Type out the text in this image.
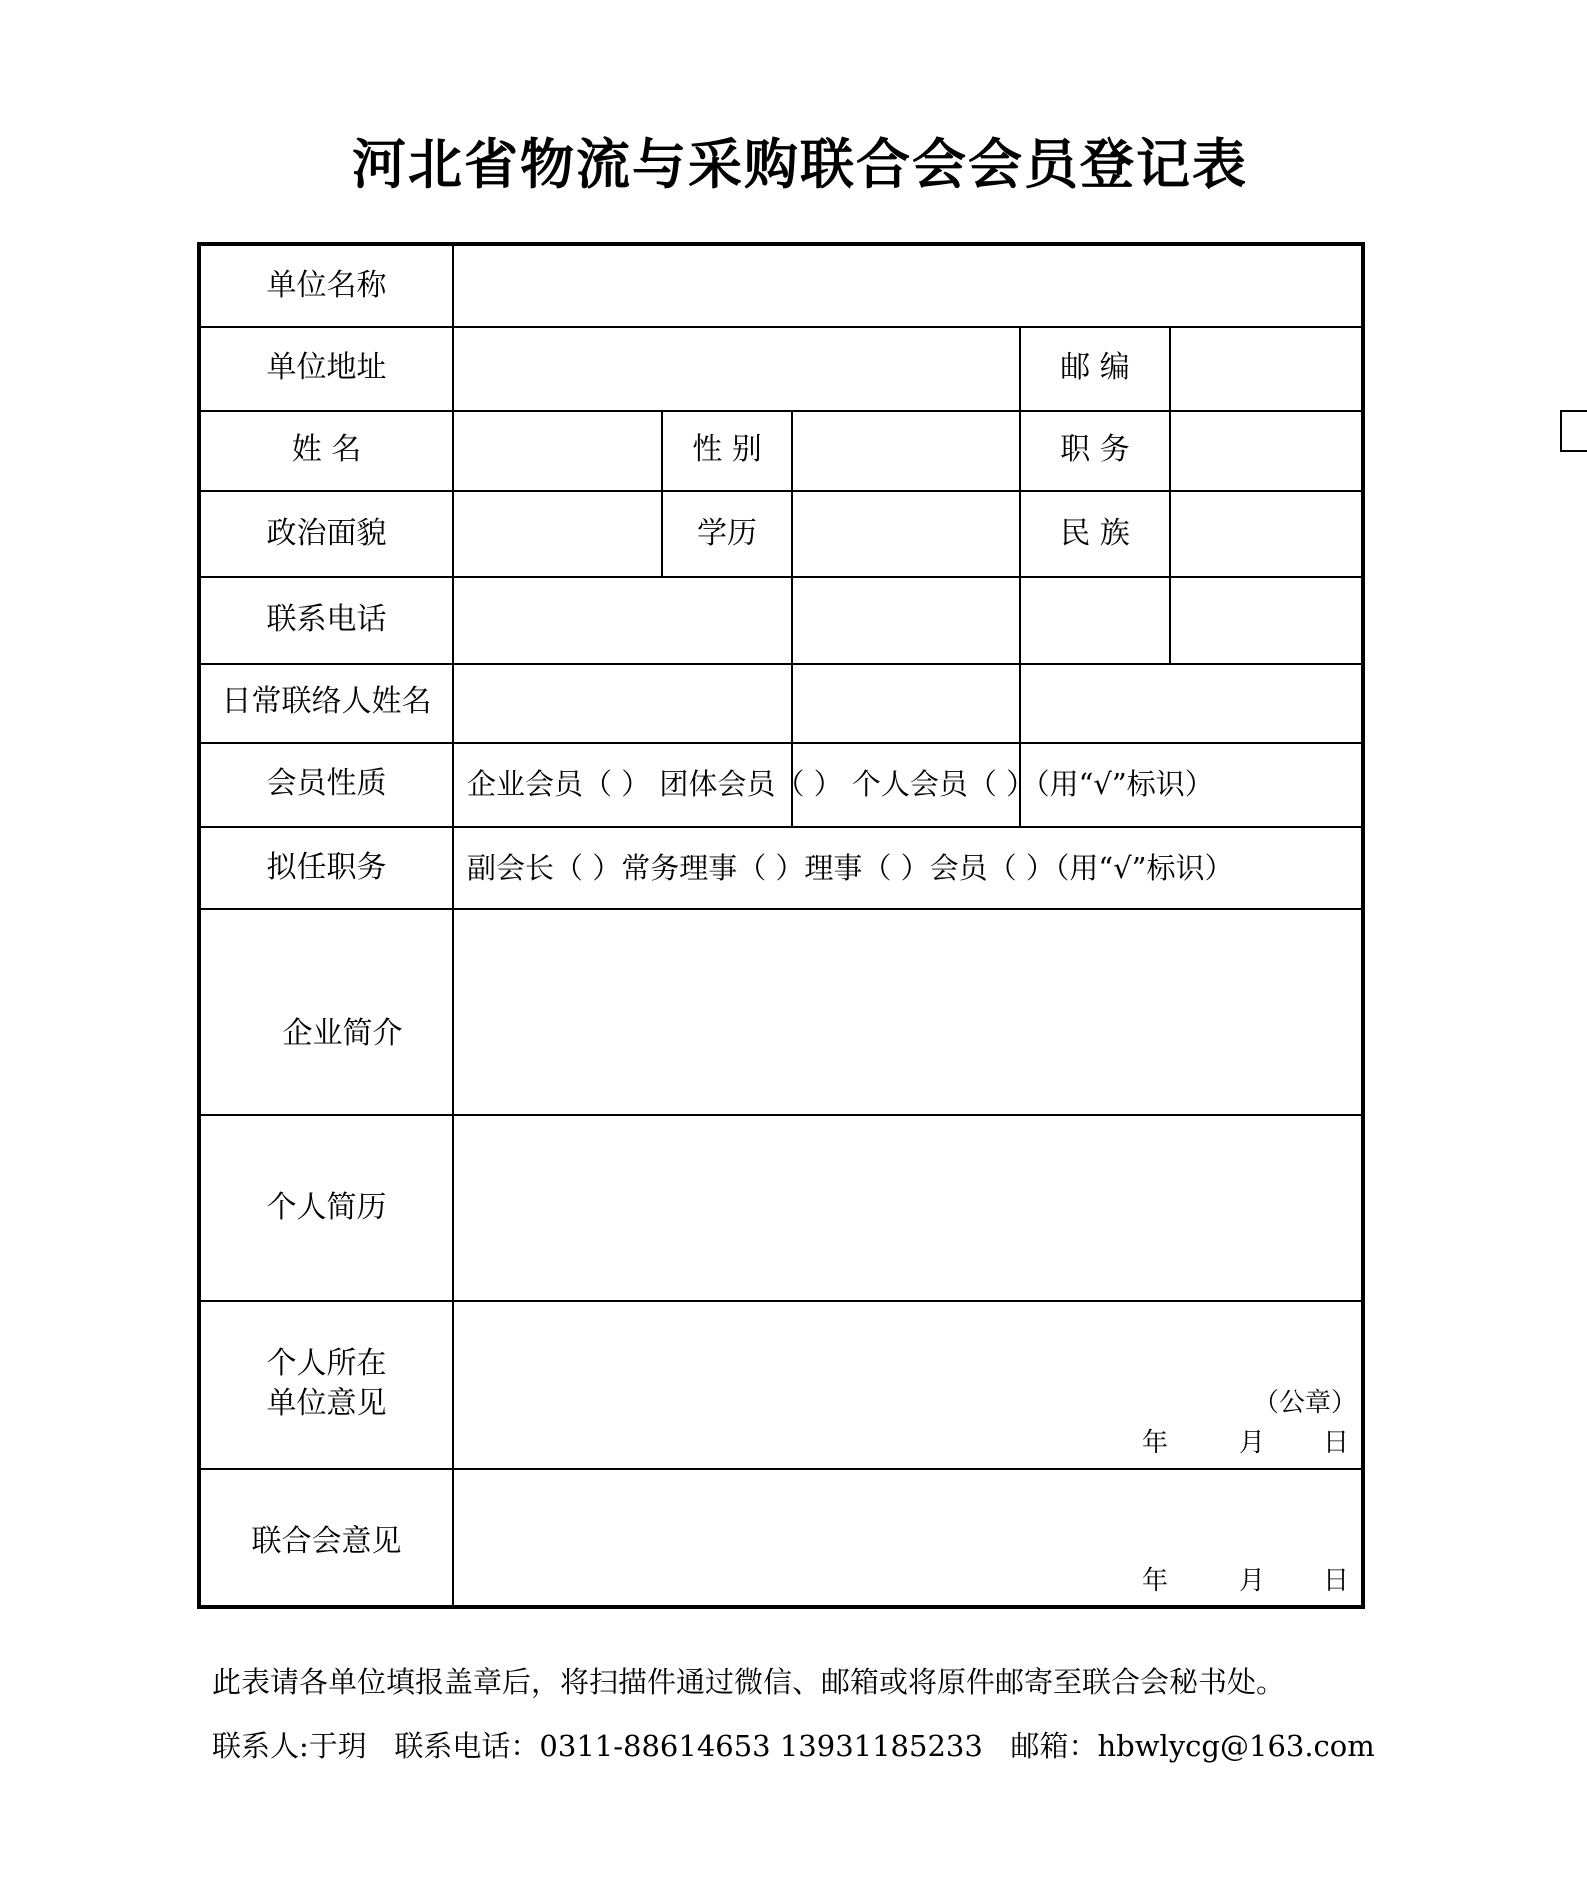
河北省物流与采购联合会会员登记表
单位名称
单位地址	邮 编
姓 名	性 别	职 务
政治面貌	学历	民 族
联系电话
日常联络人姓名
会员性质	企业会员（ ） 团体会员（ ） 个人会员（ ）（用“√”标识）
拟任职务	副会长（ ）常务理事（ ）理事（ ）会员（ ）（用“√”标识）
企业简介
个人简历
个人所在
单位意见	（公章）
年	月 日
联合会意见
年	月 日
此表请各单位填报盖章后，将扫描件通过微信、邮箱或将原件邮寄至联合会秘书处。
联系人:于玥   联系电话：0311-88614653 13931185233   邮箱：hbwlycg@163.com
